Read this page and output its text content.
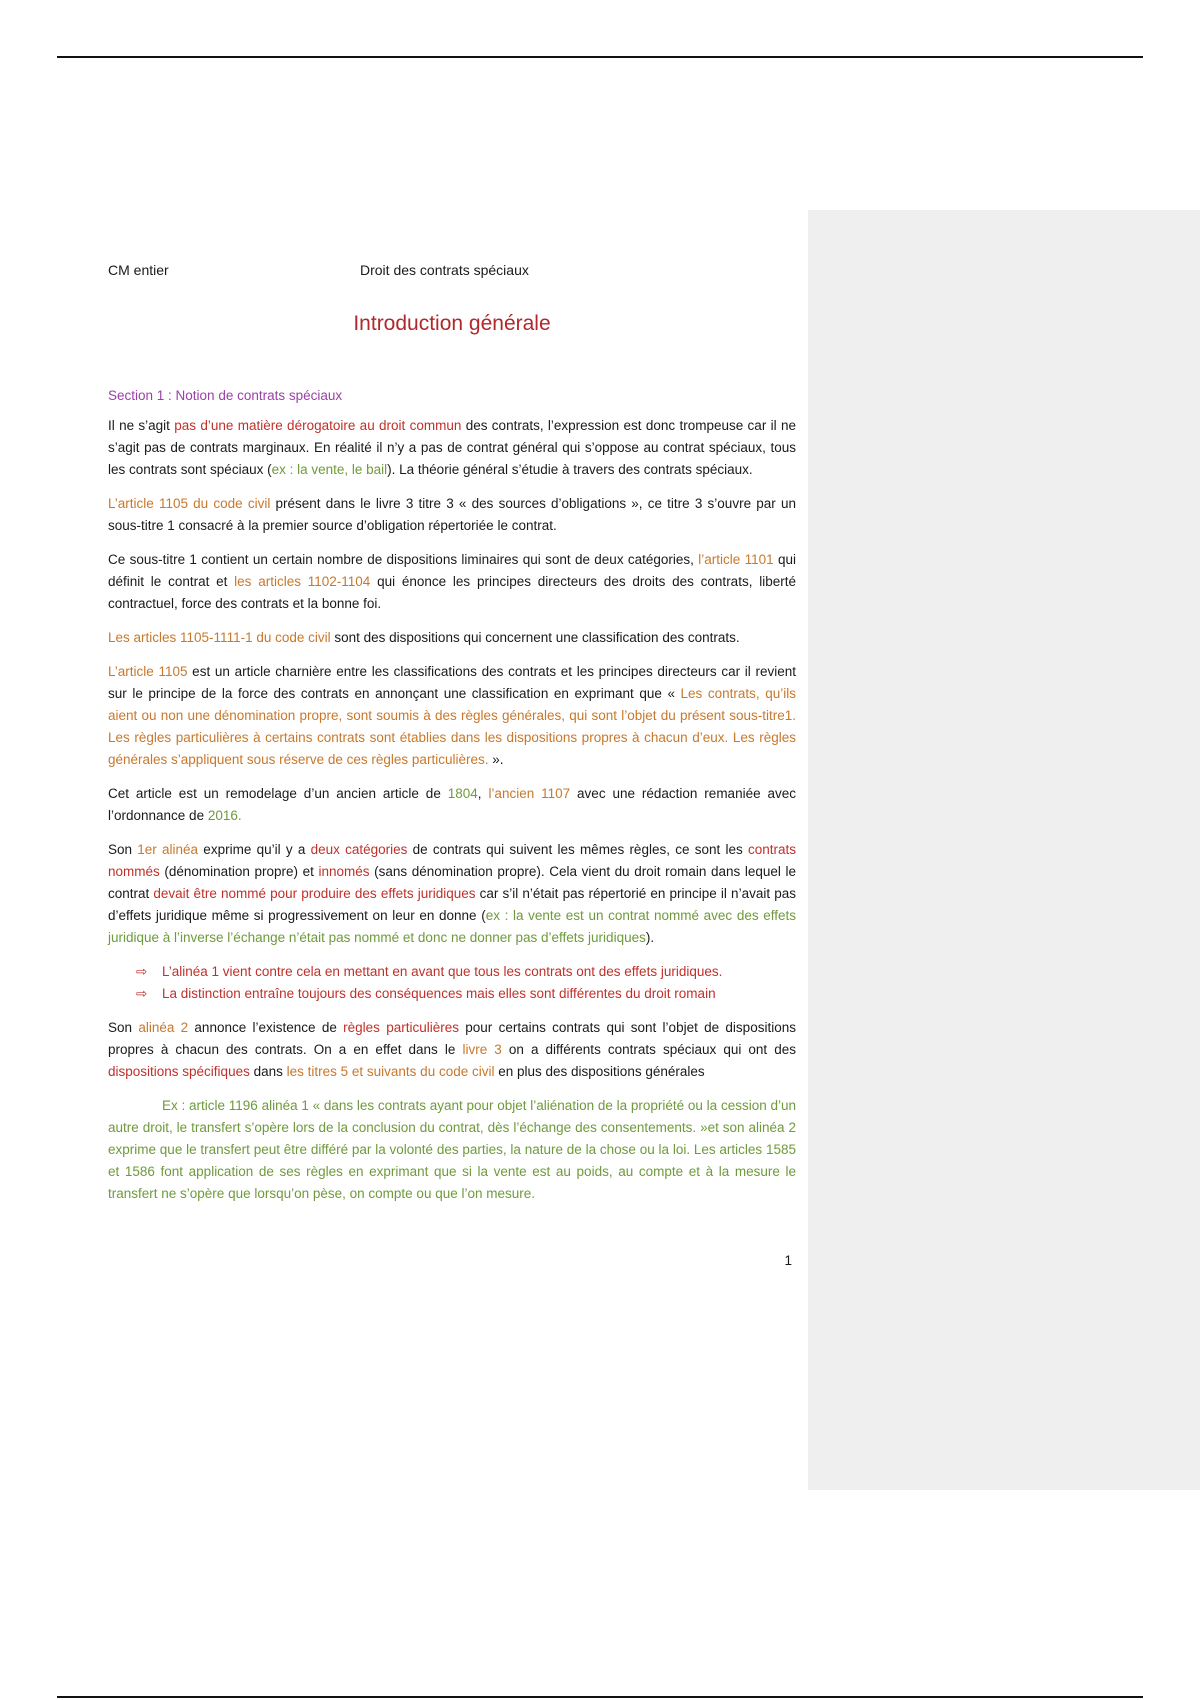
CM entier	Droit des contrats spéciaux
Introduction générale
Section 1 : Notion de contrats spéciaux

Il ne s’agit pas d’une matière dérogatoire au droit commun des contrats, l’expression est donc trompeuse car il ne s’agit pas de contrats marginaux. En réalité il n’y a pas de contrat général qui s’oppose au contrat spéciaux, tous les contrats sont spéciaux (ex : la vente, le bail). La théorie général s’étudie à travers des contrats spéciaux.

L’article 1105 du code civil présent dans le livre 3 titre 3 « des sources d’obligations », ce titre 3 s’ouvre par un sous-titre 1 consacré à la premier source d’obligation répertoriée le contrat.

Ce sous-titre 1 contient un certain nombre de dispositions liminaires qui sont de deux catégories, l’article 1101 qui définit le contrat et les articles 1102-1104 qui énonce les principes directeurs des droits des contrats, liberté contractuel, force des contrats et la bonne foi.

Les articles 1105-1111-1 du code civil sont des dispositions qui concernent une classification des contrats.

L’article 1105 est un article charnière entre les classifications des contrats et les principes directeurs car il revient sur le principe de la force des contrats en annonçant une classification en exprimant que « Les contrats, qu’ils aient ou non une dénomination propre, sont soumis à des règles générales, qui sont l’objet du présent sous-titre1. Les règles particulières à certains contrats sont établies dans les dispositions propres à chacun d’eux. Les règles générales s’appliquent sous réserve de ces règles particulières. ».

Cet article est un remodelage d’un ancien article de 1804, l’ancien 1107 avec une rédaction remaniée avec l’ordonnance de 2016.

Son 1er alinéa exprime qu’il y a deux catégories de contrats qui suivent les mêmes règles, ce sont les contrats nommés (dénomination propre) et innomés (sans dénomination propre). Cela vient du droit romain dans lequel le contrat devait être nommé pour produire des effets juridiques car s’il n’était pas répertorié en principe il n’avait pas d’effets juridique même si progressivement on leur en donne (ex : la vente est un contrat nommé avec des effets juridique à l’inverse l’échange n’était pas nommé et donc ne donner pas d’effets juridiques).

⇨ L’alinéa 1 vient contre cela en mettant en avant que tous les contrats ont des effets juridiques.
⇨ La distinction entraîne toujours des conséquences mais elles sont différentes du droit romain

Son alinéa 2 annonce l’existence de règles particulières pour certains contrats qui sont l’objet de dispositions propres à chacun des contrats. On a en effet dans le livre 3 on a différents contrats spéciaux qui ont des dispositions spécifiques dans les titres 5 et suivants du code civil en plus des dispositions générales

Ex : article 1196 alinéa 1 « dans les contrats ayant pour objet l’aliénation de la propriété ou la cession d’un autre droit, le transfert s’opère lors de la conclusion du contrat, dès l’échange des consentements. »et son alinéa 2 exprime que le transfert peut être différé par la volonté des parties, la nature de la chose ou la loi. Les articles 1585 et 1586 font application de ses règles en exprimant que si la vente est au poids, au compte et à la mesure le transfert ne s’opère que lorsqu’on pèse, on compte ou que l’on mesure.

1
